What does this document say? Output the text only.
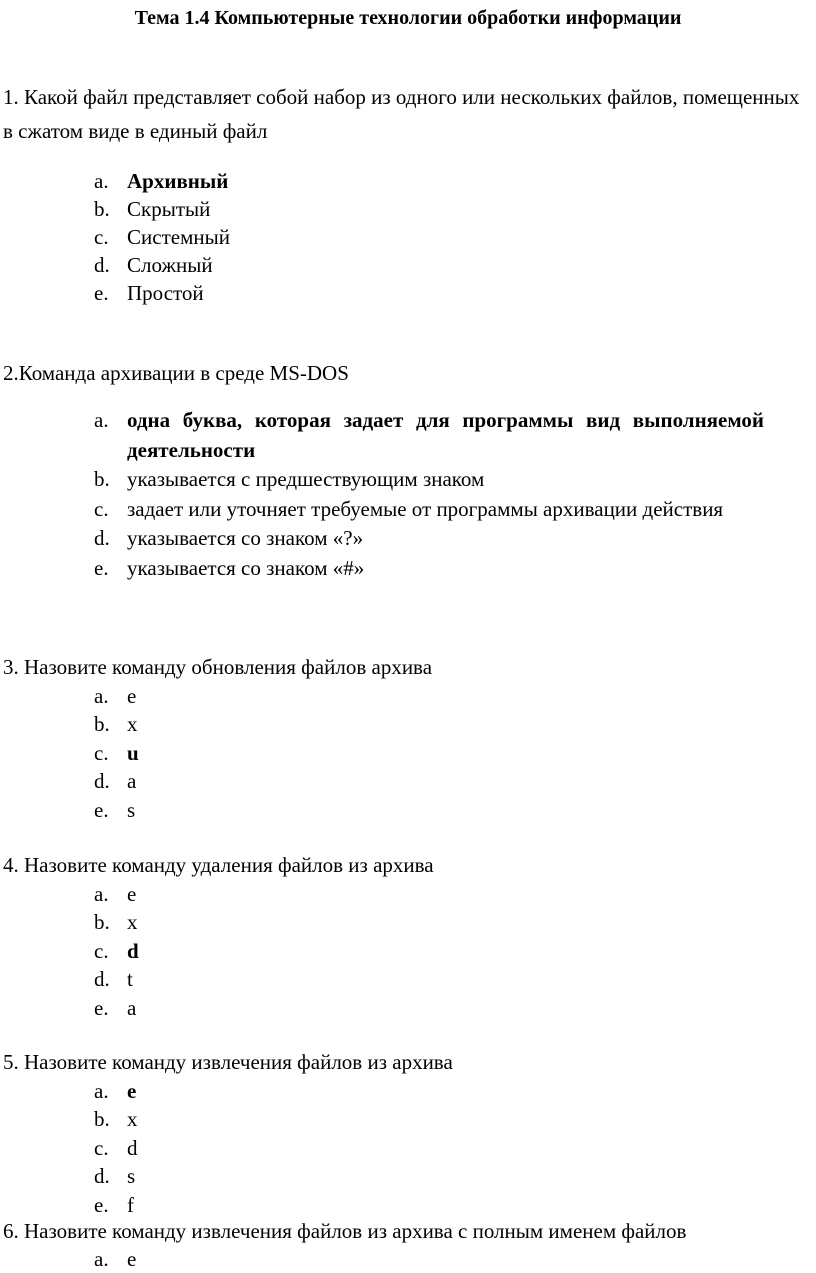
Тема 1.4 Компьютерные технологии обработки информации

1. Какой файл представляет собой набор из одного или нескольких файлов, помещенных в сжатом виде в единый файл

a. Архивный
b. Скрытый
c. Системный
d. Сложный
e. Простой

2.Команда архивации в среде MS-DOS

a. одна буква, которая задает для программы вид выполняемой деятельности
b. указывается с предшествующим знаком
c. задает или уточняет требуемые от программы архивации действия
d. указывается со знаком «?»
e. указывается со знаком «#»

3. Назовите команду обновления файлов архива

a. e
b. x
c. u
d. a
e. s

4. Назовите команду удаления файлов из архива

a. e
b. x
c. d
d. t
e. a

5. Назовите команду извлечения файлов из архива

a. e
b. x
c. d
d. s
e. f

6. Назовите команду извлечения файлов из архива с полным именем файлов

a. e
